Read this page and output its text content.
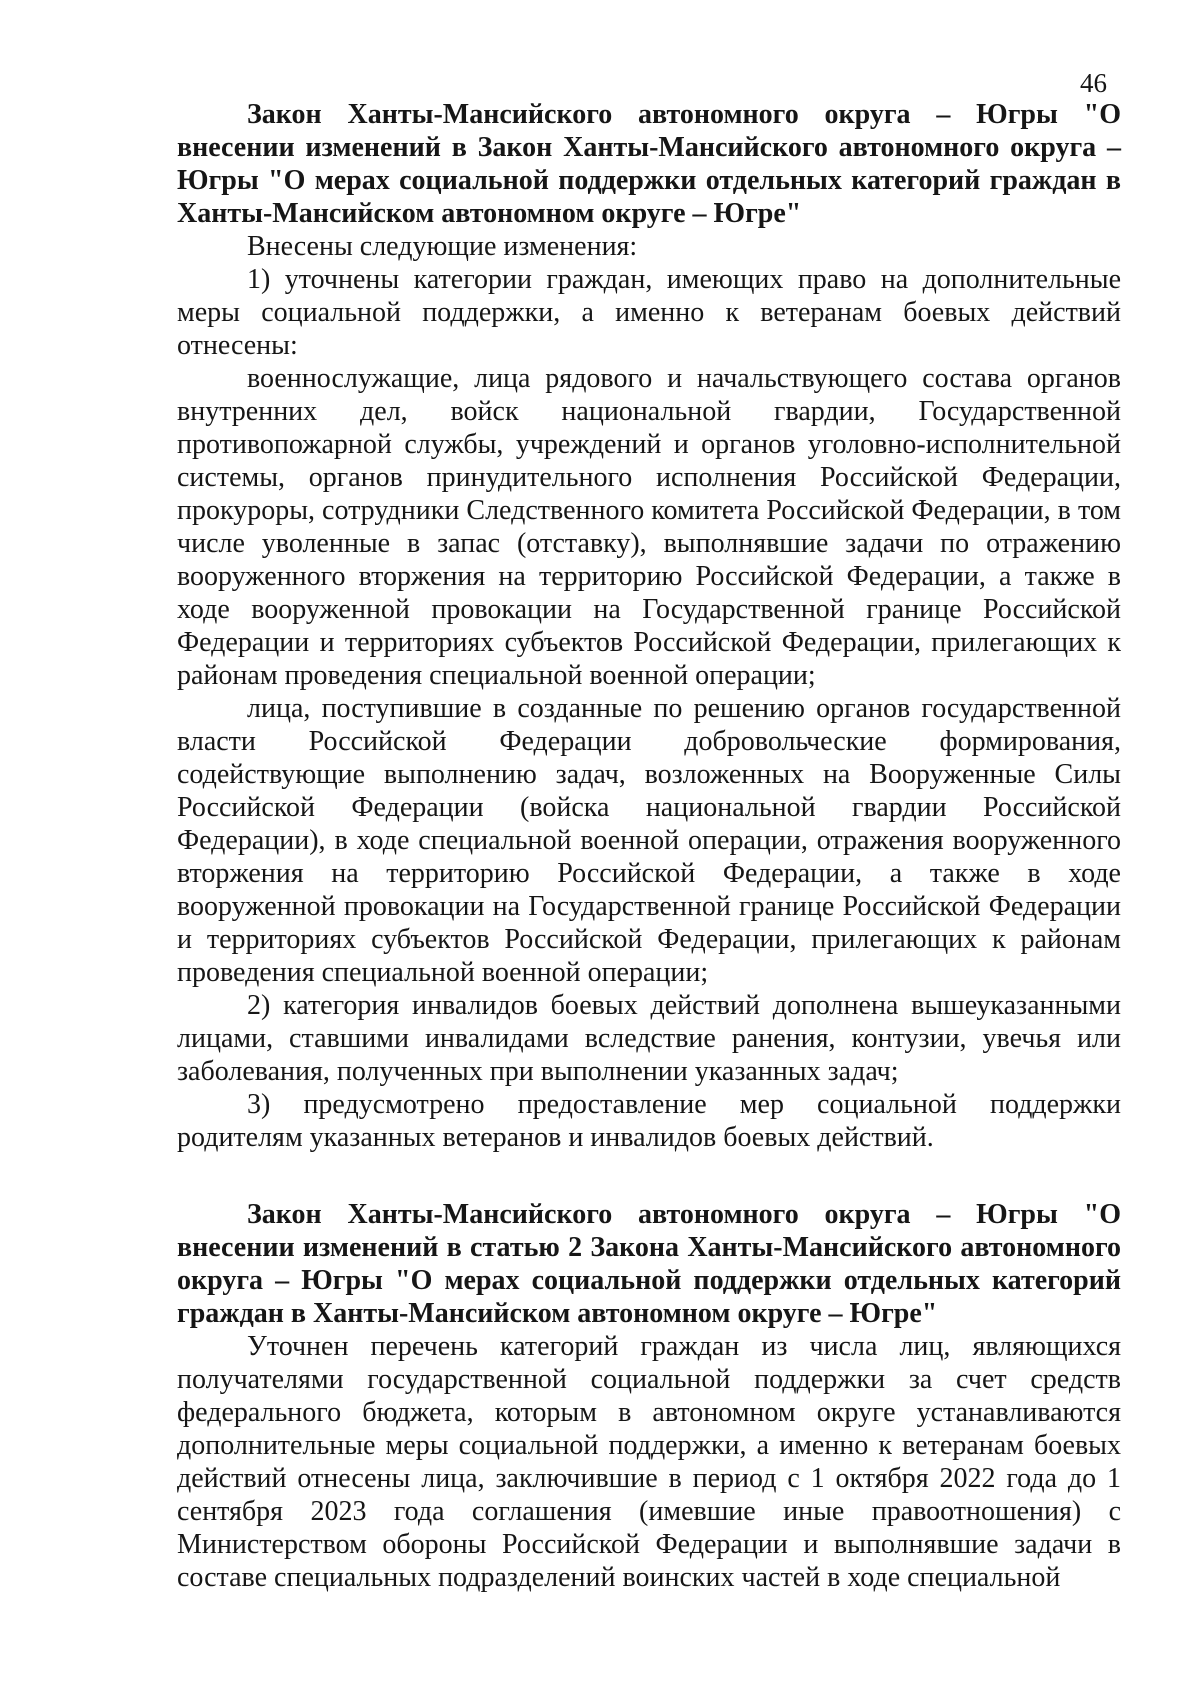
46

Закон Ханты-Мансийского автономного округа – Югры "О внесении изменений в Закон Ханты-Мансийского автономного округа – Югры "О мерах социальной поддержки отдельных категорий граждан в Ханты-Мансийском автономном округе – Югре"

Внесены следующие изменения:

1) уточнены категории граждан, имеющих право на дополнительные меры социальной поддержки, а именно к ветеранам боевых действий отнесены:

военнослужащие, лица рядового и начальствующего состава органов внутренних дел, войск национальной гвардии, Государственной противопожарной службы, учреждений и органов уголовно-исполнительной системы, органов принудительного исполнения Российской Федерации, прокуроры, сотрудники Следственного комитета Российской Федерации, в том числе уволенные в запас (отставку), выполнявшие задачи по отражению вооруженного вторжения на территорию Российской Федерации, а также в ходе вооруженной провокации на Государственной границе Российской Федерации и территориях субъектов Российской Федерации, прилегающих к районам проведения специальной военной операции;

лица, поступившие в созданные по решению органов государственной власти Российской Федерации добровольческие формирования, содействующие выполнению задач, возложенных на Вооруженные Силы Российской Федерации (войска национальной гвардии Российской Федерации), в ходе специальной военной операции, отражения вооруженного вторжения на территорию Российской Федерации, а также в ходе вооруженной провокации на Государственной границе Российской Федерации и территориях субъектов Российской Федерации, прилегающих к районам проведения специальной военной операции;

2) категория инвалидов боевых действий дополнена вышеуказанными лицами, ставшими инвалидами вследствие ранения, контузии, увечья или заболевания, полученных при выполнении указанных задач;

3) предусмотрено предоставление мер социальной поддержки родителям указанных ветеранов и инвалидов боевых действий.

Закон Ханты-Мансийского автономного округа – Югры "О внесении изменений в статью 2 Закона Ханты-Мансийского автономного округа – Югры "О мерах социальной поддержки отдельных категорий граждан в Ханты-Мансийском автономном округе – Югре"

Уточнен перечень категорий граждан из числа лиц, являющихся получателями государственной социальной поддержки за счет средств федерального бюджета, которым в автономном округе устанавливаются дополнительные меры социальной поддержки, а именно к ветеранам боевых действий отнесены лица, заключившие в период с 1 октября 2022 года до 1 сентября 2023 года соглашения (имевшие иные правоотношения) с Министерством обороны Российской Федерации и выполнявшие задачи в составе специальных подразделений воинских частей в ходе специальной
